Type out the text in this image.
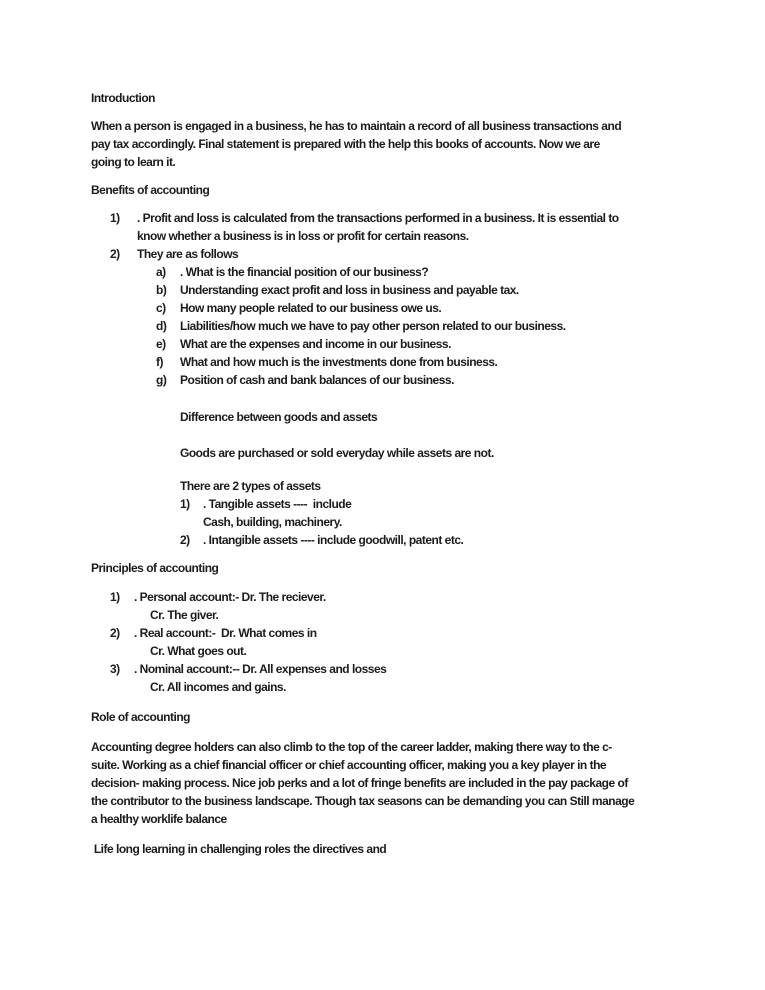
Introduction
When a person is engaged in a business, he has to maintain a record of all business transactions and
pay tax accordingly. Final statement is prepared with the help this books of accounts. Now we are
going to learn it.
Benefits of accounting
1)	. Profit and loss is calculated from the transactions performed in a business. It is essential to
know whether a business is in loss or profit for certain reasons.
2)	They are as follows
a)	. What is the financial position of our business?
b)	Understanding exact profit and loss in business and payable tax.
c)	How many people related to our business owe us.
d)	Liabilities/how much we have to pay other person related to our business.
e)	What are the expenses and income in our business.
f)	What and how much is the investments done from business.
g)	Position of cash and bank balances of our business.
Difference between goods and assets
Goods are purchased or sold everyday while assets are not.
There are 2 types of assets
1)	. Tangible assets ----  include
Cash, building, machinery.
2)	. Intangible assets ---- include goodwill, patent etc.
Principles of accounting
1)	. Personal account:- Dr. The reciever.
Cr. The giver.
2)	. Real account:-  Dr. What comes in
Cr. What goes out.
3)	. Nominal account:-- Dr. All expenses and losses
Cr. All incomes and gains.
Role of accounting
Accounting degree holders can also climb to the top of the career ladder, making there way to the c-
suite. Working as a chief financial officer or chief accounting officer, making you a key player in the
decision- making process. Nice job perks and a lot of fringe benefits are included in the pay package of
the contributor to the business landscape. Though tax seasons can be demanding you can Still manage
a healthy worklife balance
Life long learning in challenging roles the directives and
